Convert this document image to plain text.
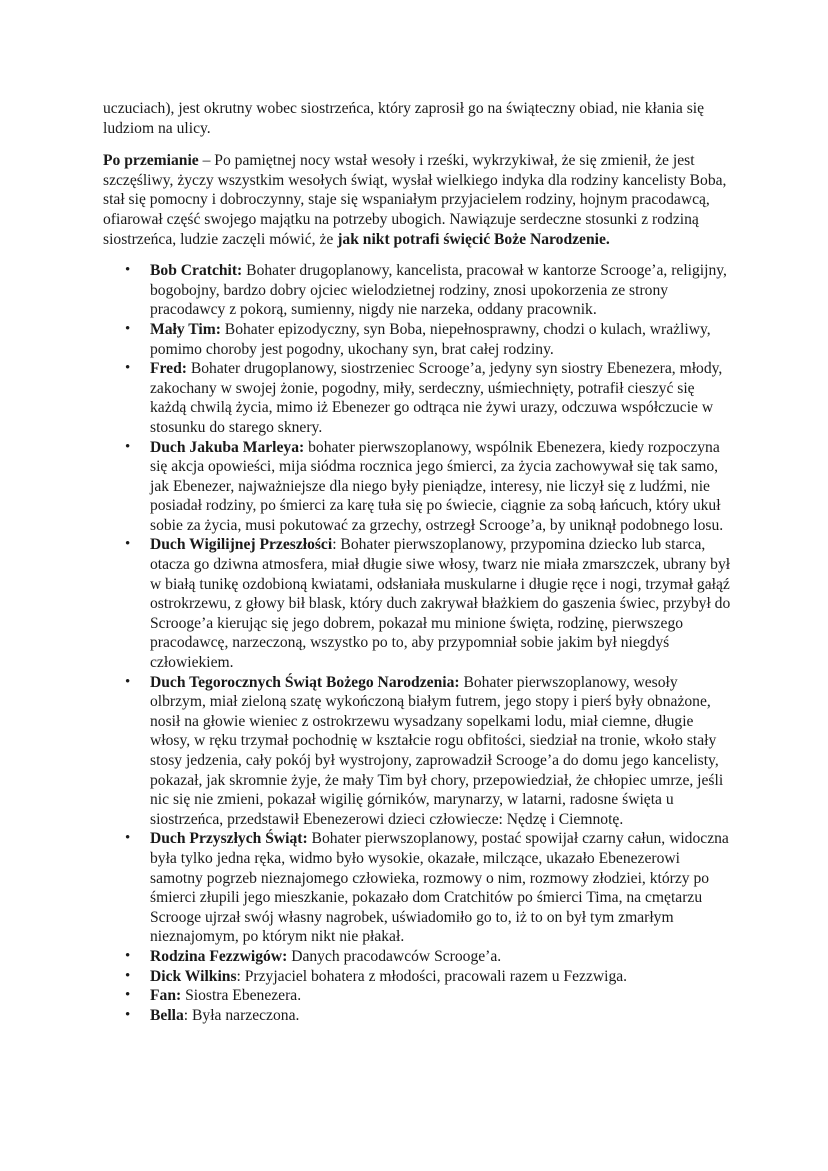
uczuciach), jest okrutny wobec siostrzeńca, który zaprosił go na świąteczny obiad, nie kłania się ludziom na ulicy.

Po przemianie – Po pamiętnej nocy wstał wesoły i rześki, wykrzykiwał, że się zmienił, że jest szczęśliwy, życzy wszystkim wesołych świąt, wysłał wielkiego indyka dla rodziny kancelisty Boba, stał się pomocny i dobroczynny, staje się wspaniałym przyjacielem rodziny, hojnym pracodawcą, ofiarował część swojego majątku na potrzeby ubogich. Nawiązuje serdeczne stosunki z rodziną siostrzeńca, ludzie zaczęli mówić, że jak nikt potrafi święcić Boże Narodzenie.

• Bob Cratchit: Bohater drugoplanowy, kancelista, pracował w kantorze Scrooge’a, religijny, bogobojny, bardzo dobry ojciec wielodzietnej rodziny, znosi upokorzenia ze strony pracodawcy z pokorą, sumienny, nigdy nie narzeka, oddany pracownik.
• Mały Tim: Bohater epizodyczny, syn Boba, niepełnosprawny, chodzi o kulach, wrażliwy, pomimo choroby jest pogodny, ukochany syn, brat całej rodziny.
• Fred: Bohater drugoplanowy, siostrzeniec Scrooge’a, jedyny syn siostry Ebenezera, młody, zakochany w swojej żonie, pogodny, miły, serdeczny, uśmiechnięty, potrafił cieszyć się każdą chwilą życia, mimo iż Ebenezer go odtrąca nie żywi urazy, odczuwa współczucie w stosunku do starego sknery.
• Duch Jakuba Marleya: bohater pierwszoplanowy, wspólnik Ebenezera, kiedy rozpoczyna się akcja opowieści, mija siódma rocznica jego śmierci, za życia zachowywał się tak samo, jak Ebenezer, najważniejsze dla niego były pieniądze, interesy, nie liczył się z ludźmi, nie posiadał rodziny, po śmierci za karę tuła się po świecie, ciągnie za sobą łańcuch, który ukuł sobie za życia, musi pokutować za grzechy, ostrzegł Scrooge’a, by uniknął podobnego losu.
• Duch Wigilijnej Przeszłości: Bohater pierwszoplanowy, przypomina dziecko lub starca, otacza go dziwna atmosfera, miał długie siwe włosy, twarz nie miała zmarszczek, ubrany był w białą tunikę ozdobioną kwiatami, odsłaniała muskularne i długie ręce i nogi, trzymał gałąź ostrokrzewu, z głowy bił blask, który duch zakrywał błażkiem do gaszenia świec, przybył do Scrooge’a kierując się jego dobrem, pokazał mu minione święta, rodzinę, pierwszego pracodawcę, narzeczoną, wszystko po to, aby przypomniał sobie jakim był niegdyś człowiekiem.
• Duch Tegorocznych Świąt Bożego Narodzenia: Bohater pierwszoplanowy, wesoły olbrzym, miał zieloną szatę wykończoną białym futrem, jego stopy i pierś były obnażone, nosił na głowie wieniec z ostrokrzewu wysadzany sopelkami lodu, miał ciemne, długie włosy, w ręku trzymał pochodnię w kształcie rogu obfitości, siedział na tronie, wkoło stały stosy jedzenia, cały pokój był wystrojony, zaprowadził Scrooge’a do domu jego kancelisty, pokazał, jak skromnie żyje, że mały Tim był chory, przepowiedział, że chłopiec umrze, jeśli nic się nie zmieni, pokazał wigilię górników, marynarzy, w latarni, radosne święta u siostrzeńca, przedstawił Ebenezerowi dzieci człowiecze: Nędzę i Ciemnotę.
• Duch Przyszłych Świąt: Bohater pierwszoplanowy, postać spowijał czarny całun, widoczna była tylko jedna ręka, widmo było wysokie, okazałe, milczące, ukazało Ebenezerowi samotny pogrzeb nieznajomego człowieka, rozmowy o nim, rozmowy złodziei, którzy po śmierci złupili jego mieszkanie, pokazało dom Cratchitów po śmierci Tima, na cmętarzu Scrooge ujrzał swój własny nagrobek, uświadomiło go to, iż to on był tym zmarłym nieznajomym, po którym nikt nie płakał.
• Rodzina Fezzwigów: Danych pracodawców Scrooge’a.
• Dick Wilkins: Przyjaciel bohatera z młodości, pracowali razem u Fezzwiga.
• Fan: Siostra Ebenezera.
• Bella: Była narzeczona.
